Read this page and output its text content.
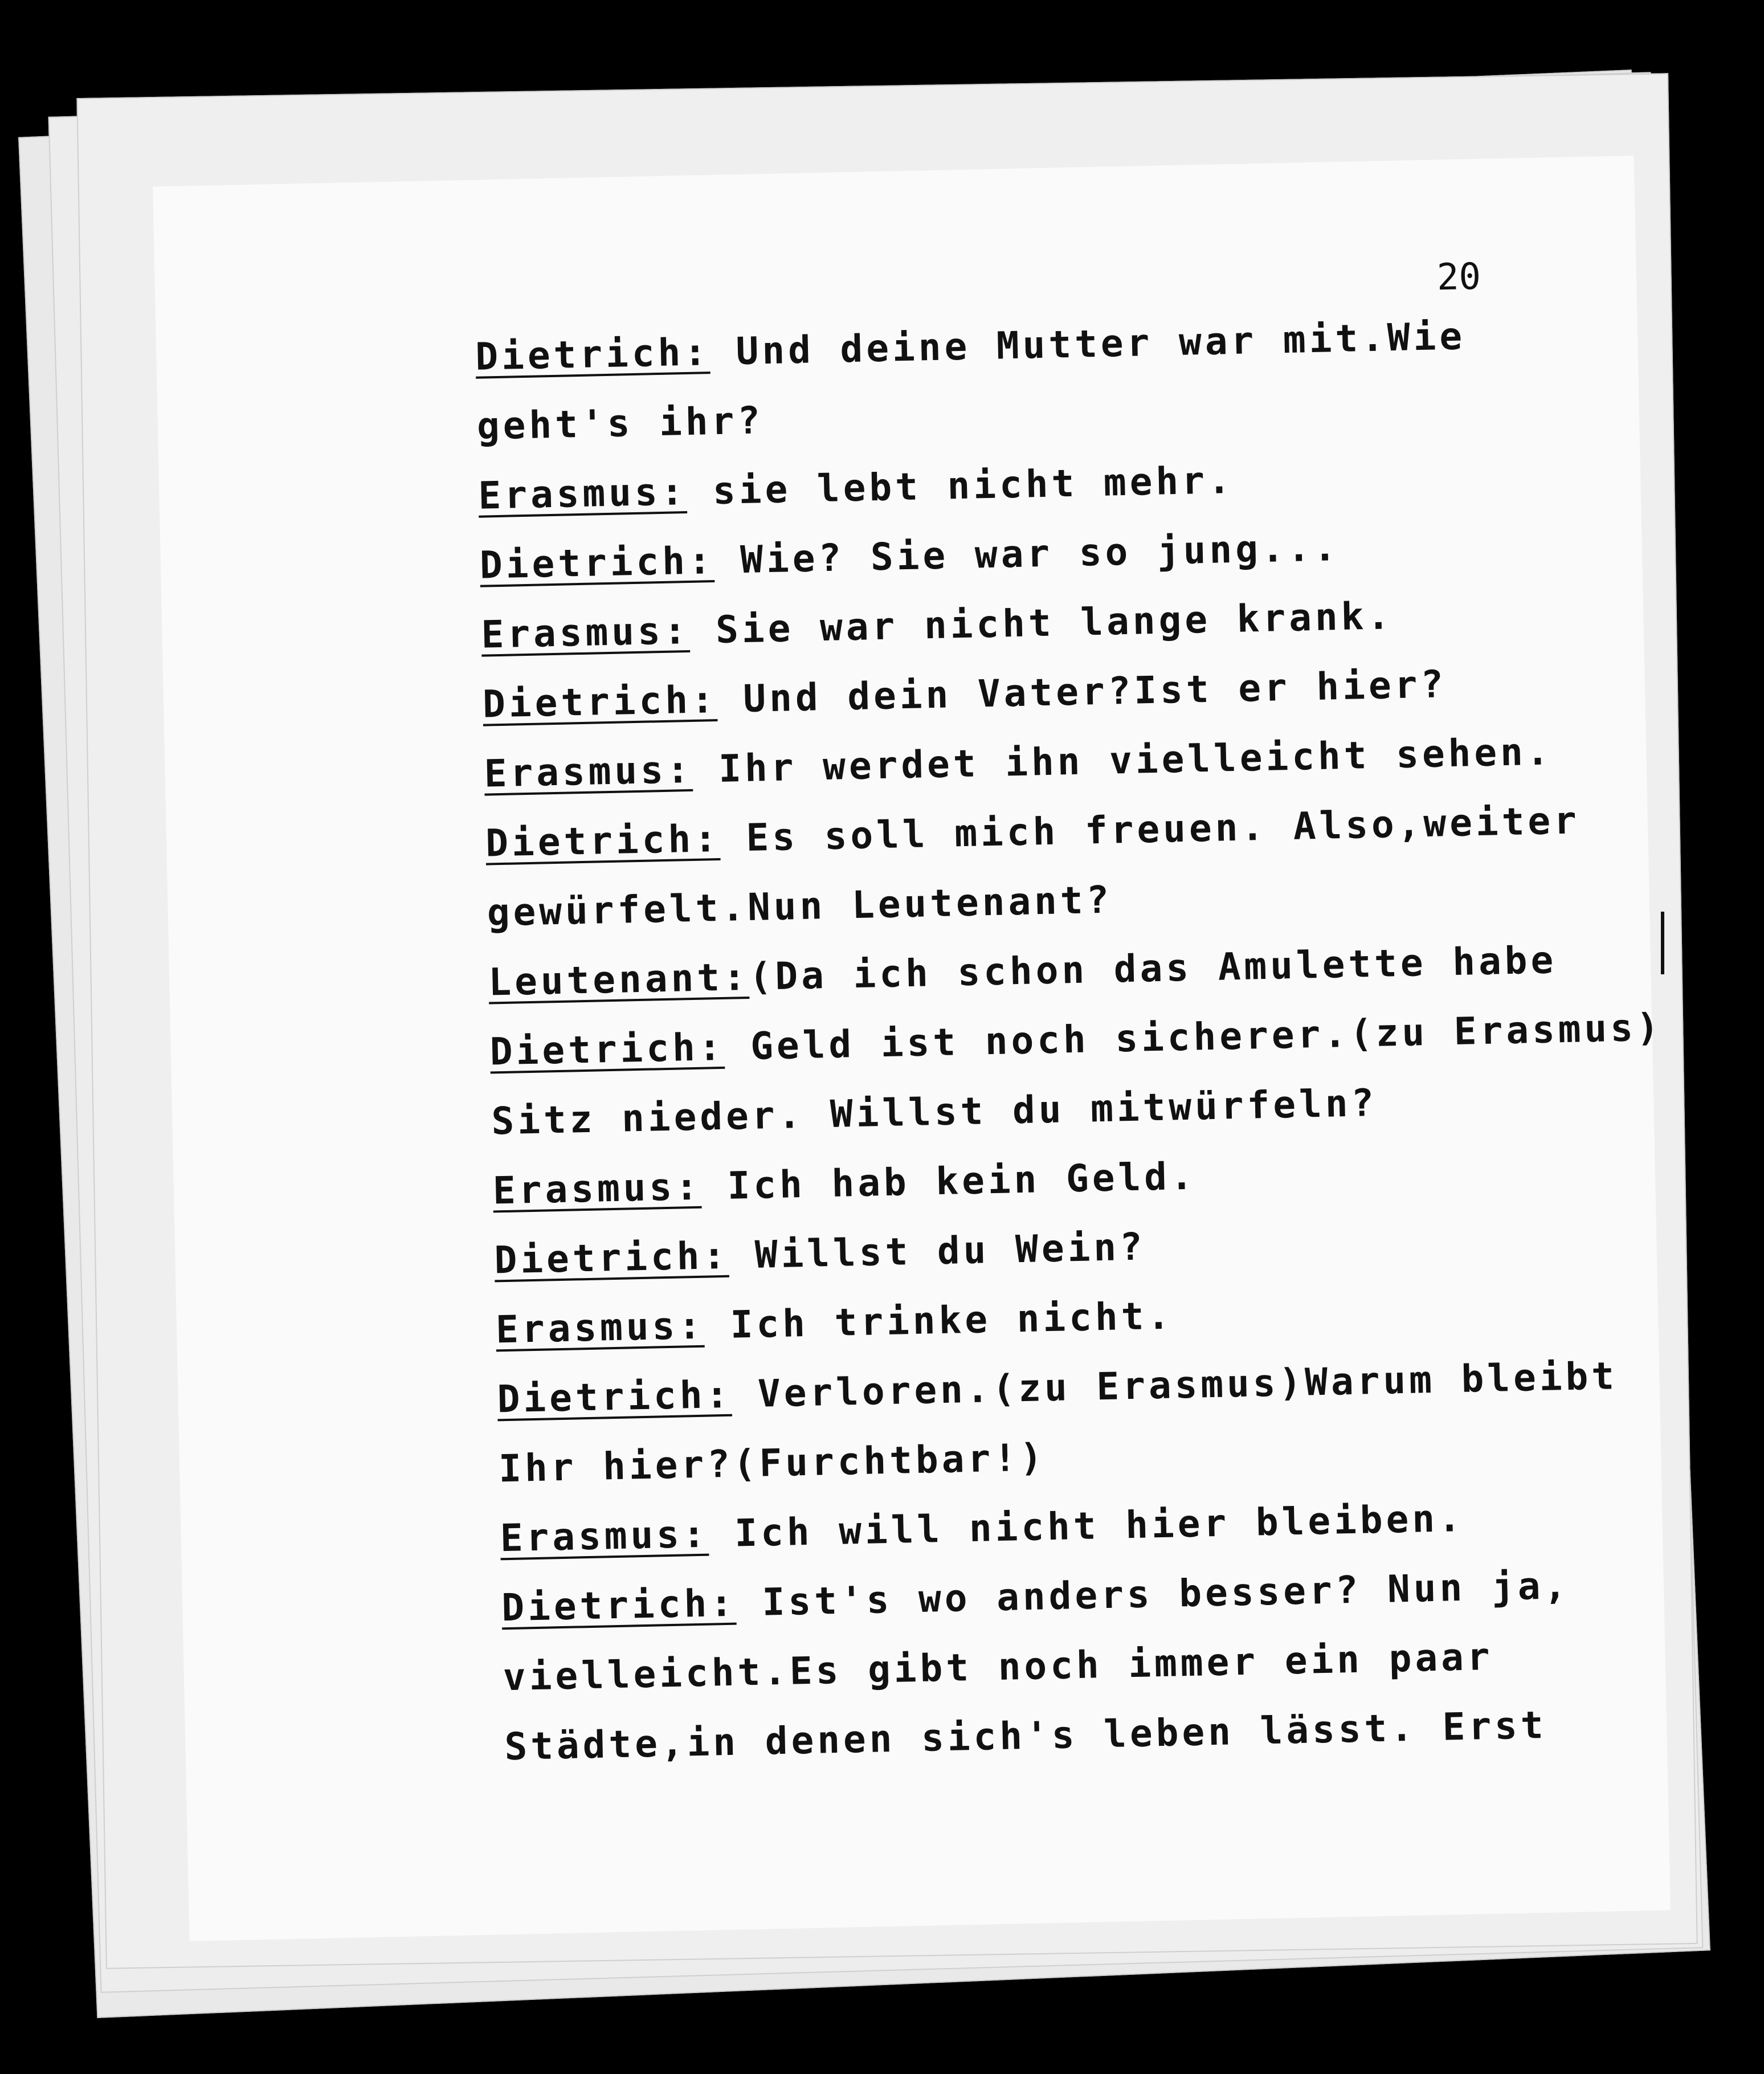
20
Dietrich: Und deine Mutter war mit.Wie
geht's ihr?
Erasmus: sie lebt nicht mehr.
Dietrich: Wie? Sie war so jung...
Erasmus: Sie war nicht lange krank.
Dietrich: Und dein Vater?Ist er hier?
Erasmus: Ihr werdet ihn vielleicht sehen.
Dietrich: Es soll mich freuen. Also,weiter
gewürfelt.Nun Leutenant?
Leutenant:(Da ich schon das Amulette habe
Dietrich: Geld ist noch sicherer.(zu Erasmus)
Sitz nieder. Willst du mitwürfeln?
Erasmus: Ich hab kein Geld.
Dietrich: Willst du Wein?
Erasmus: Ich trinke nicht.
Dietrich: Verloren.(zu Erasmus)Warum bleibt
Ihr hier?(Furchtbar!)
Erasmus: Ich will nicht hier bleiben.
Dietrich: Ist's wo anders besser? Nun ja,
vielleicht.Es gibt noch immer ein paar
Städte,in denen sich's leben lässt. Erst
